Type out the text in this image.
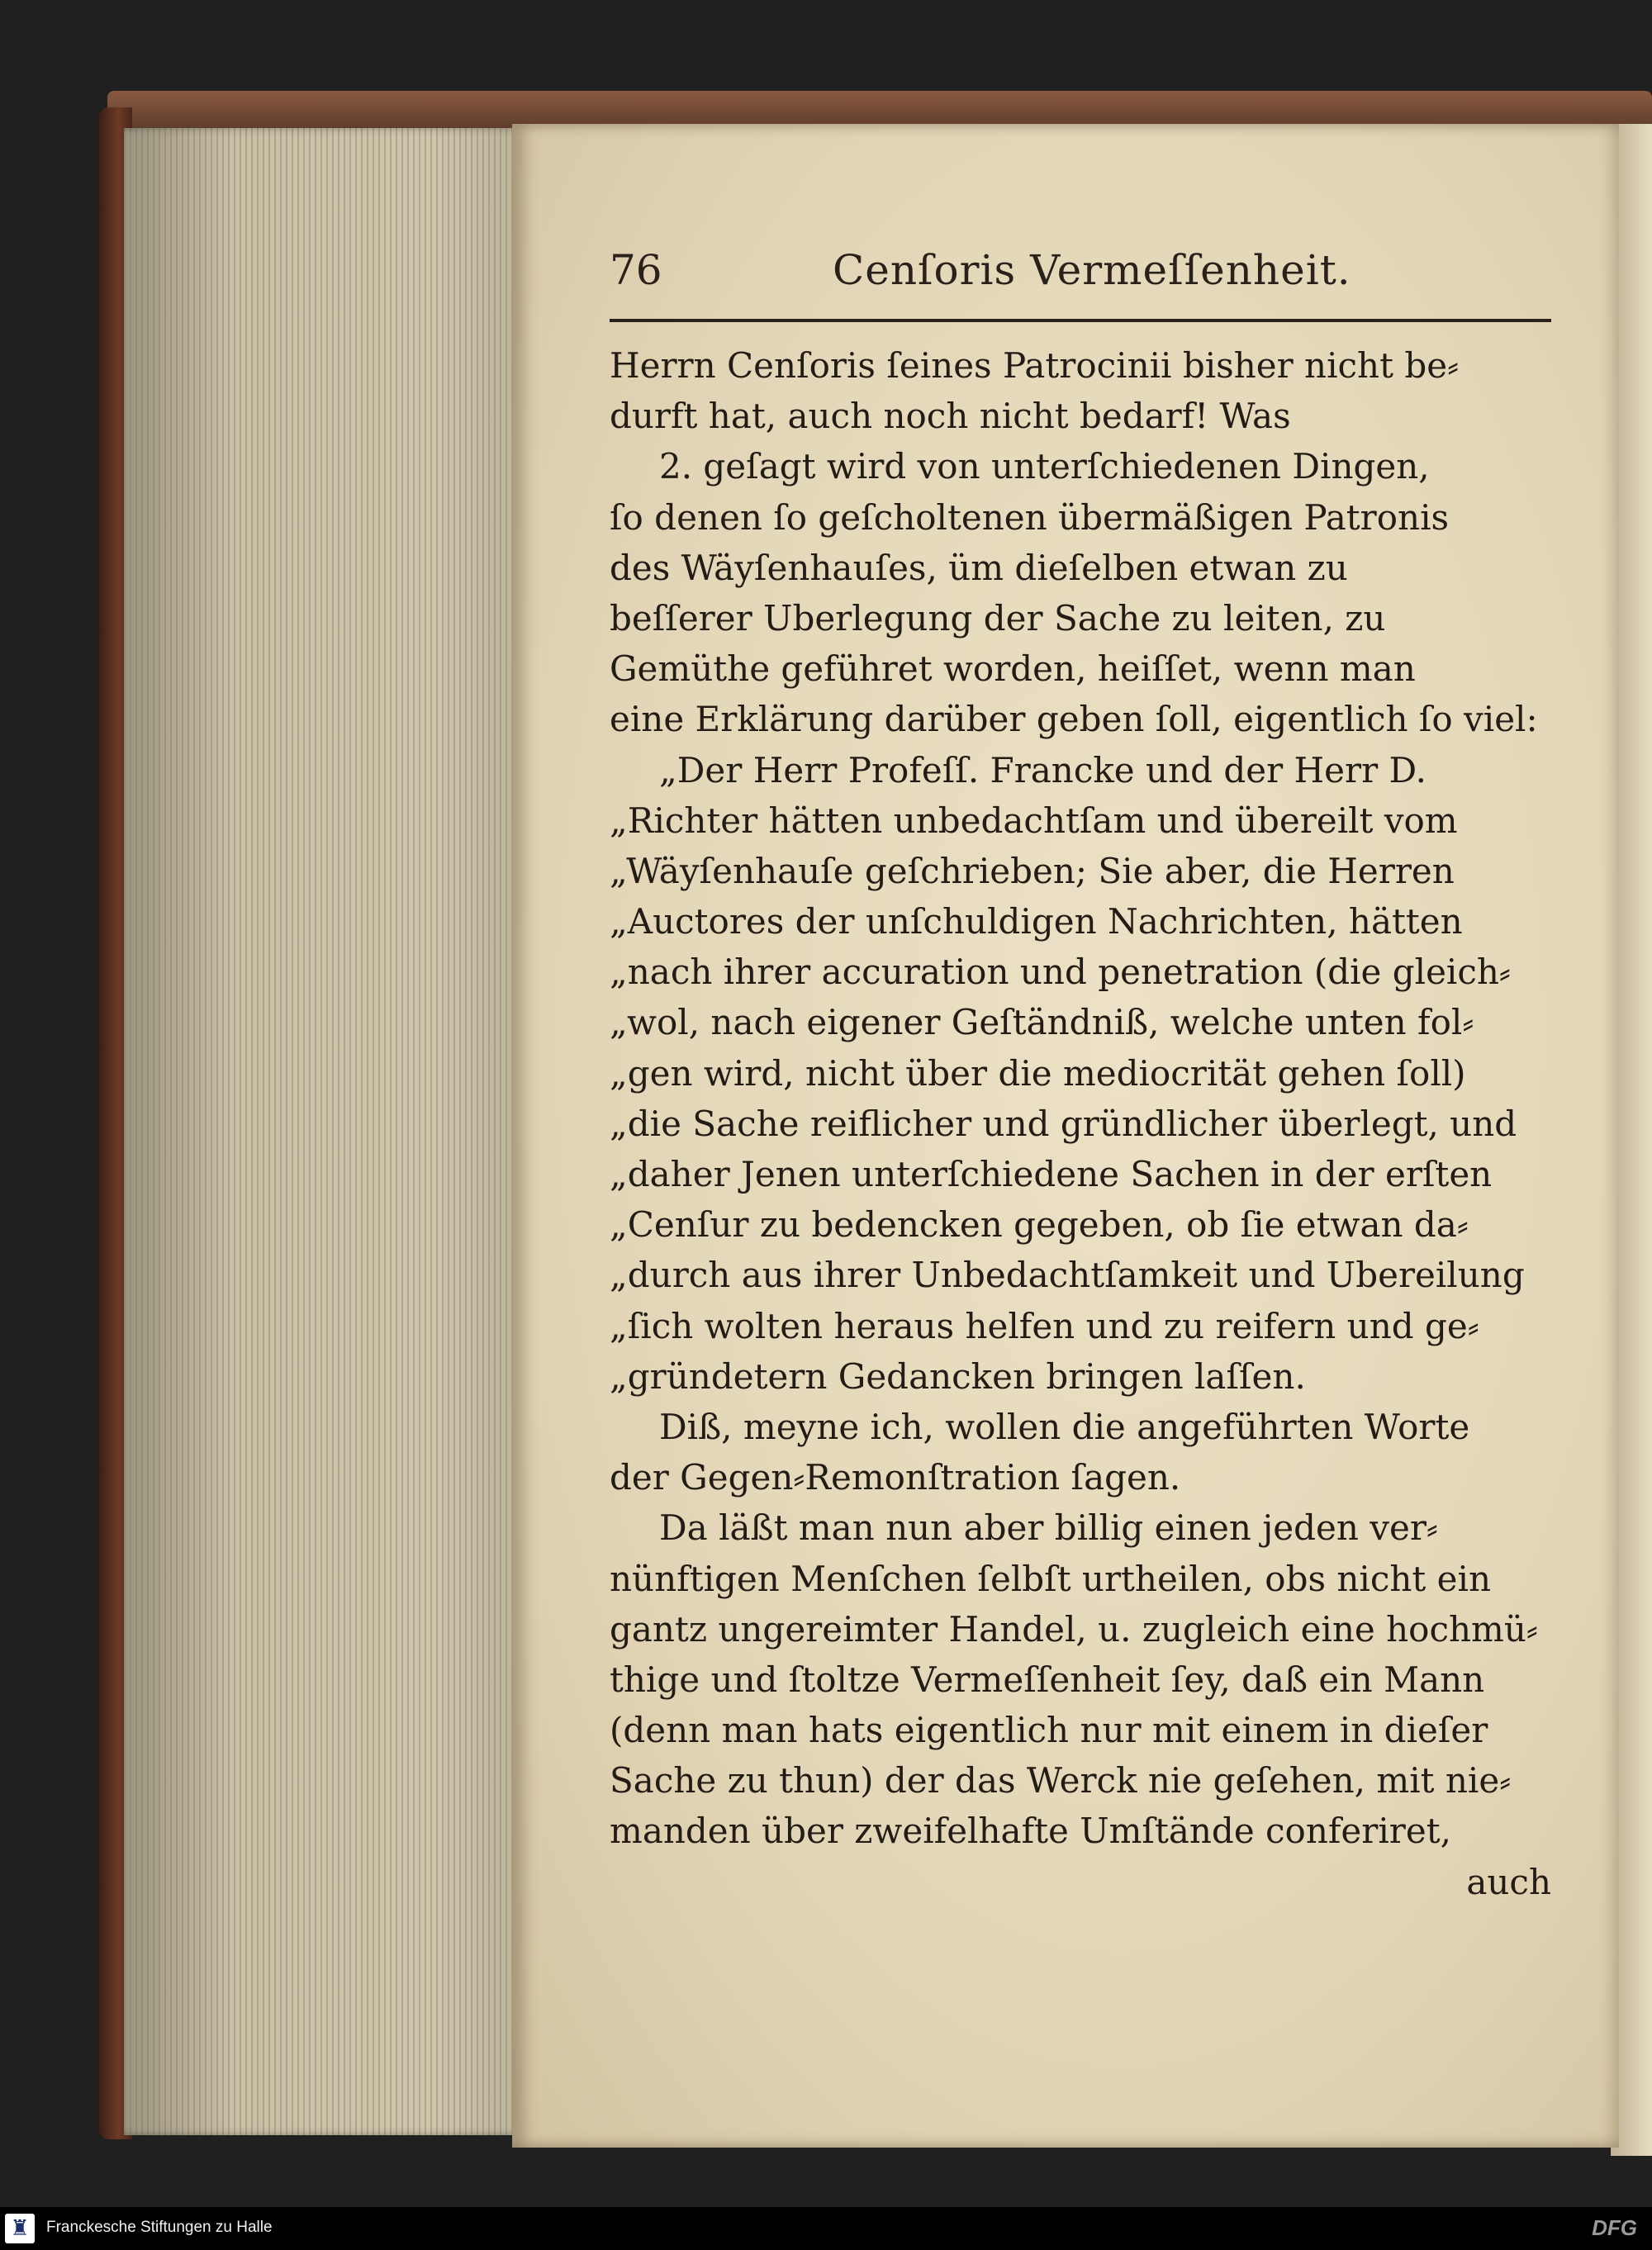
76	Cenſoris Vermeſſenheit.
Herrn Cenſoris ſeines Patrocinii bisher nicht be⸗
durft hat, auch noch nicht bedarf! Was
2. geſagt wird von unterſchiedenen Dingen,
ſo denen ſo geſcholtenen übermäßigen Patronis
des Wäyſenhauſes, üm dieſelben etwan zu
beſſerer Uberlegung der Sache zu leiten, zu
Gemüthe geführet worden, heiſſet, wenn man
eine Erklärung darüber geben ſoll, eigentlich ſo viel:
„Der Herr Profeſſ. Francke und der Herr D.
„Richter hätten unbedachtſam und übereilt vom
„Wäyſenhauſe geſchrieben; Sie aber, die Herren
„Auctores der unſchuldigen Nachrichten, hätten
„nach ihrer accuration und penetration (die gleich⸗
„wol, nach eigener Geſtändniß, welche unten fol⸗
„gen wird, nicht über die mediocrität gehen ſoll)
„die Sache reiflicher und gründlicher überlegt, und
„daher Jenen unterſchiedene Sachen in der erſten
„Cenſur zu bedencken gegeben, ob ſie etwan da⸗
„durch aus ihrer Unbedachtſamkeit und Ubereilung
„ſich wolten heraus helfen und zu reifern und ge⸗
„gründetern Gedancken bringen laſſen.
Diß, meyne ich, wollen die angeführten Worte
der Gegen⸗Remonſtration ſagen.
Da läßt man nun aber billig einen jeden ver⸗
nünftigen Menſchen ſelbſt urtheilen, obs nicht ein
gantz ungereimter Handel, u. zugleich eine hochmü⸗
thige und ſtoltze Vermeſſenheit ſey, daß ein Mann
(denn man hats eigentlich nur mit einem in dieſer
Sache zu thun) der das Werck nie geſehen, mit nie⸗
manden über zweifelhafte Umſtände conferiret,
auch
♜	Franckesche Stiftungen zu Halle	DFG
